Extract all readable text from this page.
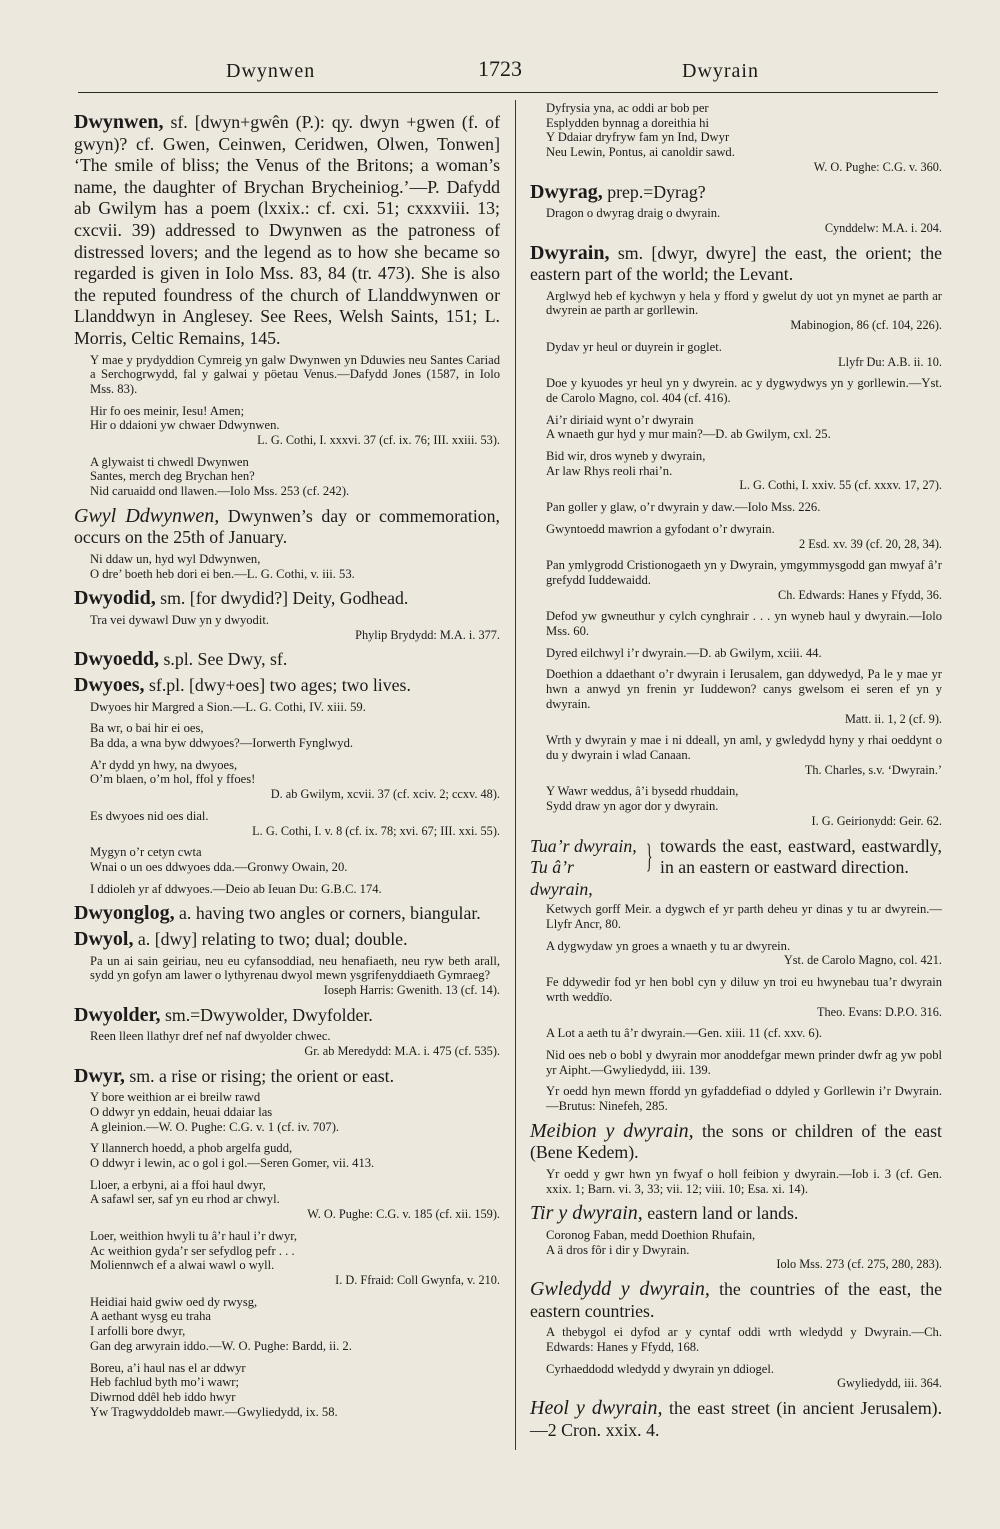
Dwynwen	1723	Dwyrain
Dwynwen, sf. [dwyn+gwên (P.): qy. dwyn +gwen (f. of gwyn)? cf. Gwen, Ceinwen, Ceridwen, Olwen, Tonwen] ‘The smile of bliss; the Venus of the Britons; a woman’s name, the daughter of Brychan Brycheiniog.’—P. Dafydd ab Gwilym has a poem (lxxix.: cf. cxi. 51; cxxxviii. 13; cxcvii. 39) addressed to Dwynwen as the patroness of distressed lovers; and the legend as to how she became so regarded is given in Iolo Mss. 83, 84 (tr. 473). She is also the reputed foundress of the church of Llanddwynwen or Llanddwyn in Anglesey. See Rees, Welsh Saints, 151; L. Morris, Celtic Remains, 145.
Y mae y prydyddion Cymreig yn galw Dwynwen yn Dduwies neu Santes Cariad a Serchogrwydd, fal y galwai y pöetau Venus.—Dafydd Jones (1587, in Iolo Mss. 83).
Hir fo oes meinir, Iesu! Amen;
Hir o ddaioni yw chwaer Ddwynwen.
L. G. Cothi, I. xxxvi. 37 (cf. ix. 76; III. xxiii. 53).
A glywaist ti chwedl Dwynwen
Santes, merch deg Brychan hen?
Nid caruaidd ond llawen.—Iolo Mss. 253 (cf. 242).
Gwyl Ddwynwen, Dwynwen’s day or commemoration, occurs on the 25th of January.
Ni ddaw un, hyd wyl Ddwynwen,
O dre’ boeth heb dori ei ben.—L. G. Cothi, v. iii. 53.
Dwyodid, sm. [for dwydid?] Deity, Godhead.
Tra vei dywawl Duw yn y dwyodit.
Phylip Brydydd: M.A. i. 377.
Dwyoedd, s.pl. See Dwy, sf.
Dwyoes, sf.pl. [dwy+oes] two ages; two lives.
Dwyoes hir Margred a Sion.—L. G. Cothi, IV. xiii. 59.
Ba wr, o bai hir ei oes,
Ba dda, a wna byw ddwyoes?—Iorwerth Fynglwyd.
A’r dydd yn hwy, na dwyoes,
O’m blaen, o’m hol, ffol y ffoes!
D. ab Gwilym, xcvii. 37 (cf. xciv. 2; ccxv. 48).
Es dwyoes nid oes dial.
L. G. Cothi, I. v. 8 (cf. ix. 78; xvi. 67; III. xxi. 55).
Mygyn o’r cetyn cwta
Wnai o un oes ddwyoes dda.—Gronwy Owain, 20.
I ddioleh yr af ddwyoes.—Deio ab Ieuan Du: G.B.C. 174.
Dwyonglog, a. having two angles or corners, biangular.
Dwyol, a. [dwy] relating to two; dual; double.
Pa un ai sain geiriau, neu eu cyfansoddiad, neu henafiaeth, neu ryw beth arall, sydd yn gofyn am lawer o lythyrenau dwyol mewn ysgrifenyddiaeth Gymraeg?
Ioseph Harris: Gwenith. 13 (cf. 14).
Dwyolder, sm.=Dwywolder, Dwyfolder.
Reen lleen llathyr dref nef naf dwyolder chwec.
Gr. ab Meredydd: M.A. i. 475 (cf. 535).
Dwyr, sm. a rise or rising; the orient or east.
Y bore weithion ar ei breilw rawd
O ddwyr yn eddain, heuai ddaiar las
A gleinion.—W. O. Pughe: C.G. v. 1 (cf. iv. 707).
Y llannerch hoedd, a phob argelfa gudd,
O ddwyr i lewin, ac o gol i gol.—Seren Gomer, vii. 413.
Lloer, a erbyni, ai a ffoi haul dwyr,
A safawl ser, saf yn eu rhod ar chwyl.
W. O. Pughe: C.G. v. 185 (cf. xii. 159).
Loer, weithion hwyli tu â’r haul i’r dwyr,
Ac weithion gyda’r ser sefydlog pefr . . .
Moliennwch ef a alwai wawl o wyll.
I. D. Ffraid: Coll Gwynfa, v. 210.
Heidiai haid gwiw oed dy rwysg,
A aethant wysg eu traha
I arfolli bore dwyr,
Gan deg arwyrain iddo.—W. O. Pughe: Bardd, ii. 2.
Boreu, a’i haul nas el ar ddwyr
Heb fachlud byth mo’i wawr;
Diwrnod ddêl heb iddo hwyr
Yw Tragwyddoldeb mawr.—Gwyliedydd, ix. 58.
Dyfrysia yna, ac oddi ar bob per
Esplydden bynnag a doreithia hi
Y Ddaiar dryfryw fam yn Ind, Dwyr
Neu Lewin, Pontus, ai canoldir sawd.
W. O. Pughe: C.G. v. 360.
Dwyrag, prep.=Dyrag?
Dragon o dwyrag draig o dwyrain.
Cynddelw: M.A. i. 204.
Dwyrain, sm. [dwyr, dwyre] the east, the orient; the eastern part of the world; the Levant.
Arglwyd heb ef kychwyn y hela y fford y gwelut dy uot yn mynet ae parth ar dwyrein ae parth ar gorllewin.
Mabinogion, 86 (cf. 104, 226).
Dydav yr heul or duyrein ir goglet.
Llyfr Du: A.B. ii. 10.
Doe y kyuodes yr heul yn y dwyrein. ac y dygwydwys yn y gorllewin.—Yst. de Carolo Magno, col. 404 (cf. 416).
Ai’r diriaid wynt o’r dwyrain
A wnaeth gur hyd y mur main?—D. ab Gwilym, cxl. 25.
Bid wir, dros wyneb y dwyrain,
Ar law Rhys reoli rhai’n.
L. G. Cothi, I. xxiv. 55 (cf. xxxv. 17, 27).
Pan goller y glaw, o’r dwyrain y daw.—Iolo Mss. 226.
Gwyntoedd mawrion a gyfodant o’r dwyrain.
2 Esd. xv. 39 (cf. 20, 28, 34).
Pan ymlygrodd Cristionogaeth yn y Dwyrain, ymgymmysgodd gan mwyaf â’r grefydd Iuddewaidd.
Ch. Edwards: Hanes y Ffydd, 36.
Defod yw gwneuthur y cylch cynghrair . . . yn wyneb haul y dwyrain.—Iolo Mss. 60.
Dyred eilchwyl i’r dwyrain.—D. ab Gwilym, xciii. 44.
Doethion a ddaethant o’r dwyrain i Ierusalem, gan ddywedyd, Pa le y mae yr hwn a anwyd yn frenin yr Iuddewon? canys gwelsom ei seren ef yn y dwyrain.
Matt. ii. 1, 2 (cf. 9).
Wrth y dwyrain y mae i ni ddeall, yn aml, y gwledydd hyny y rhai oeddynt o du y dwyrain i wlad Canaan.
Th. Charles, s.v. ‘Dwyrain.’
Y Wawr weddus, â’i bysedd rhuddain,
Sydd draw yn agor dor y dwyrain.
I. G. Geirionydd: Geir. 62.
Tua’r dwyrain,
Tu â’r dwyrain,
} towards the east, eastward, eastwardly, in an eastern or eastward direction.
Ketwych gorff Meir. a dygwch ef yr parth deheu yr dinas y tu ar dwyrein.—Llyfr Ancr, 80.
A dygwydaw yn groes a wnaeth y tu ar dwyrein.
Yst. de Carolo Magno, col. 421.
Fe ddywedir fod yr hen bobl cyn y diluw yn troi eu hwynebau tua’r dwyrain wrth weddïo.
Theo. Evans: D.P.O. 316.
A Lot a aeth tu â’r dwyrain.—Gen. xiii. 11 (cf. xxv. 6).
Nid oes neb o bobl y dwyrain mor anoddefgar mewn prinder dwfr ag yw pobl yr Aipht.—Gwyliedydd, iii. 139.
Yr oedd hyn mewn ffordd yn gyfaddefiad o ddyled y Gorllewin i’r Dwyrain.—Brutus: Ninefeh, 285.
Meibion y dwyrain, the sons or children of the east (Bene Kedem).
Yr oedd y gwr hwn yn fwyaf o holl feibion y dwyrain.—Iob i. 3 (cf. Gen. xxix. 1; Barn. vi. 3, 33; vii. 12; viii. 10; Esa. xi. 14).
Tir y dwyrain, eastern land or lands.
Coronog Faban, medd Doethion Rhufain,
A ä dros fôr i dir y Dwyrain.
Iolo Mss. 273 (cf. 275, 280, 283).
Gwledydd y dwyrain, the countries of the east, the eastern countries.
A thebygol ei dyfod ar y cyntaf oddi wrth wledydd y Dwyrain.—Ch. Edwards: Hanes y Ffydd, 168.
Cyrhaeddodd wledydd y dwyrain yn ddiogel.
Gwyliedydd, iii. 364.
Heol y dwyrain, the east street (in ancient Jerusalem).—2 Cron. xxix. 4.
